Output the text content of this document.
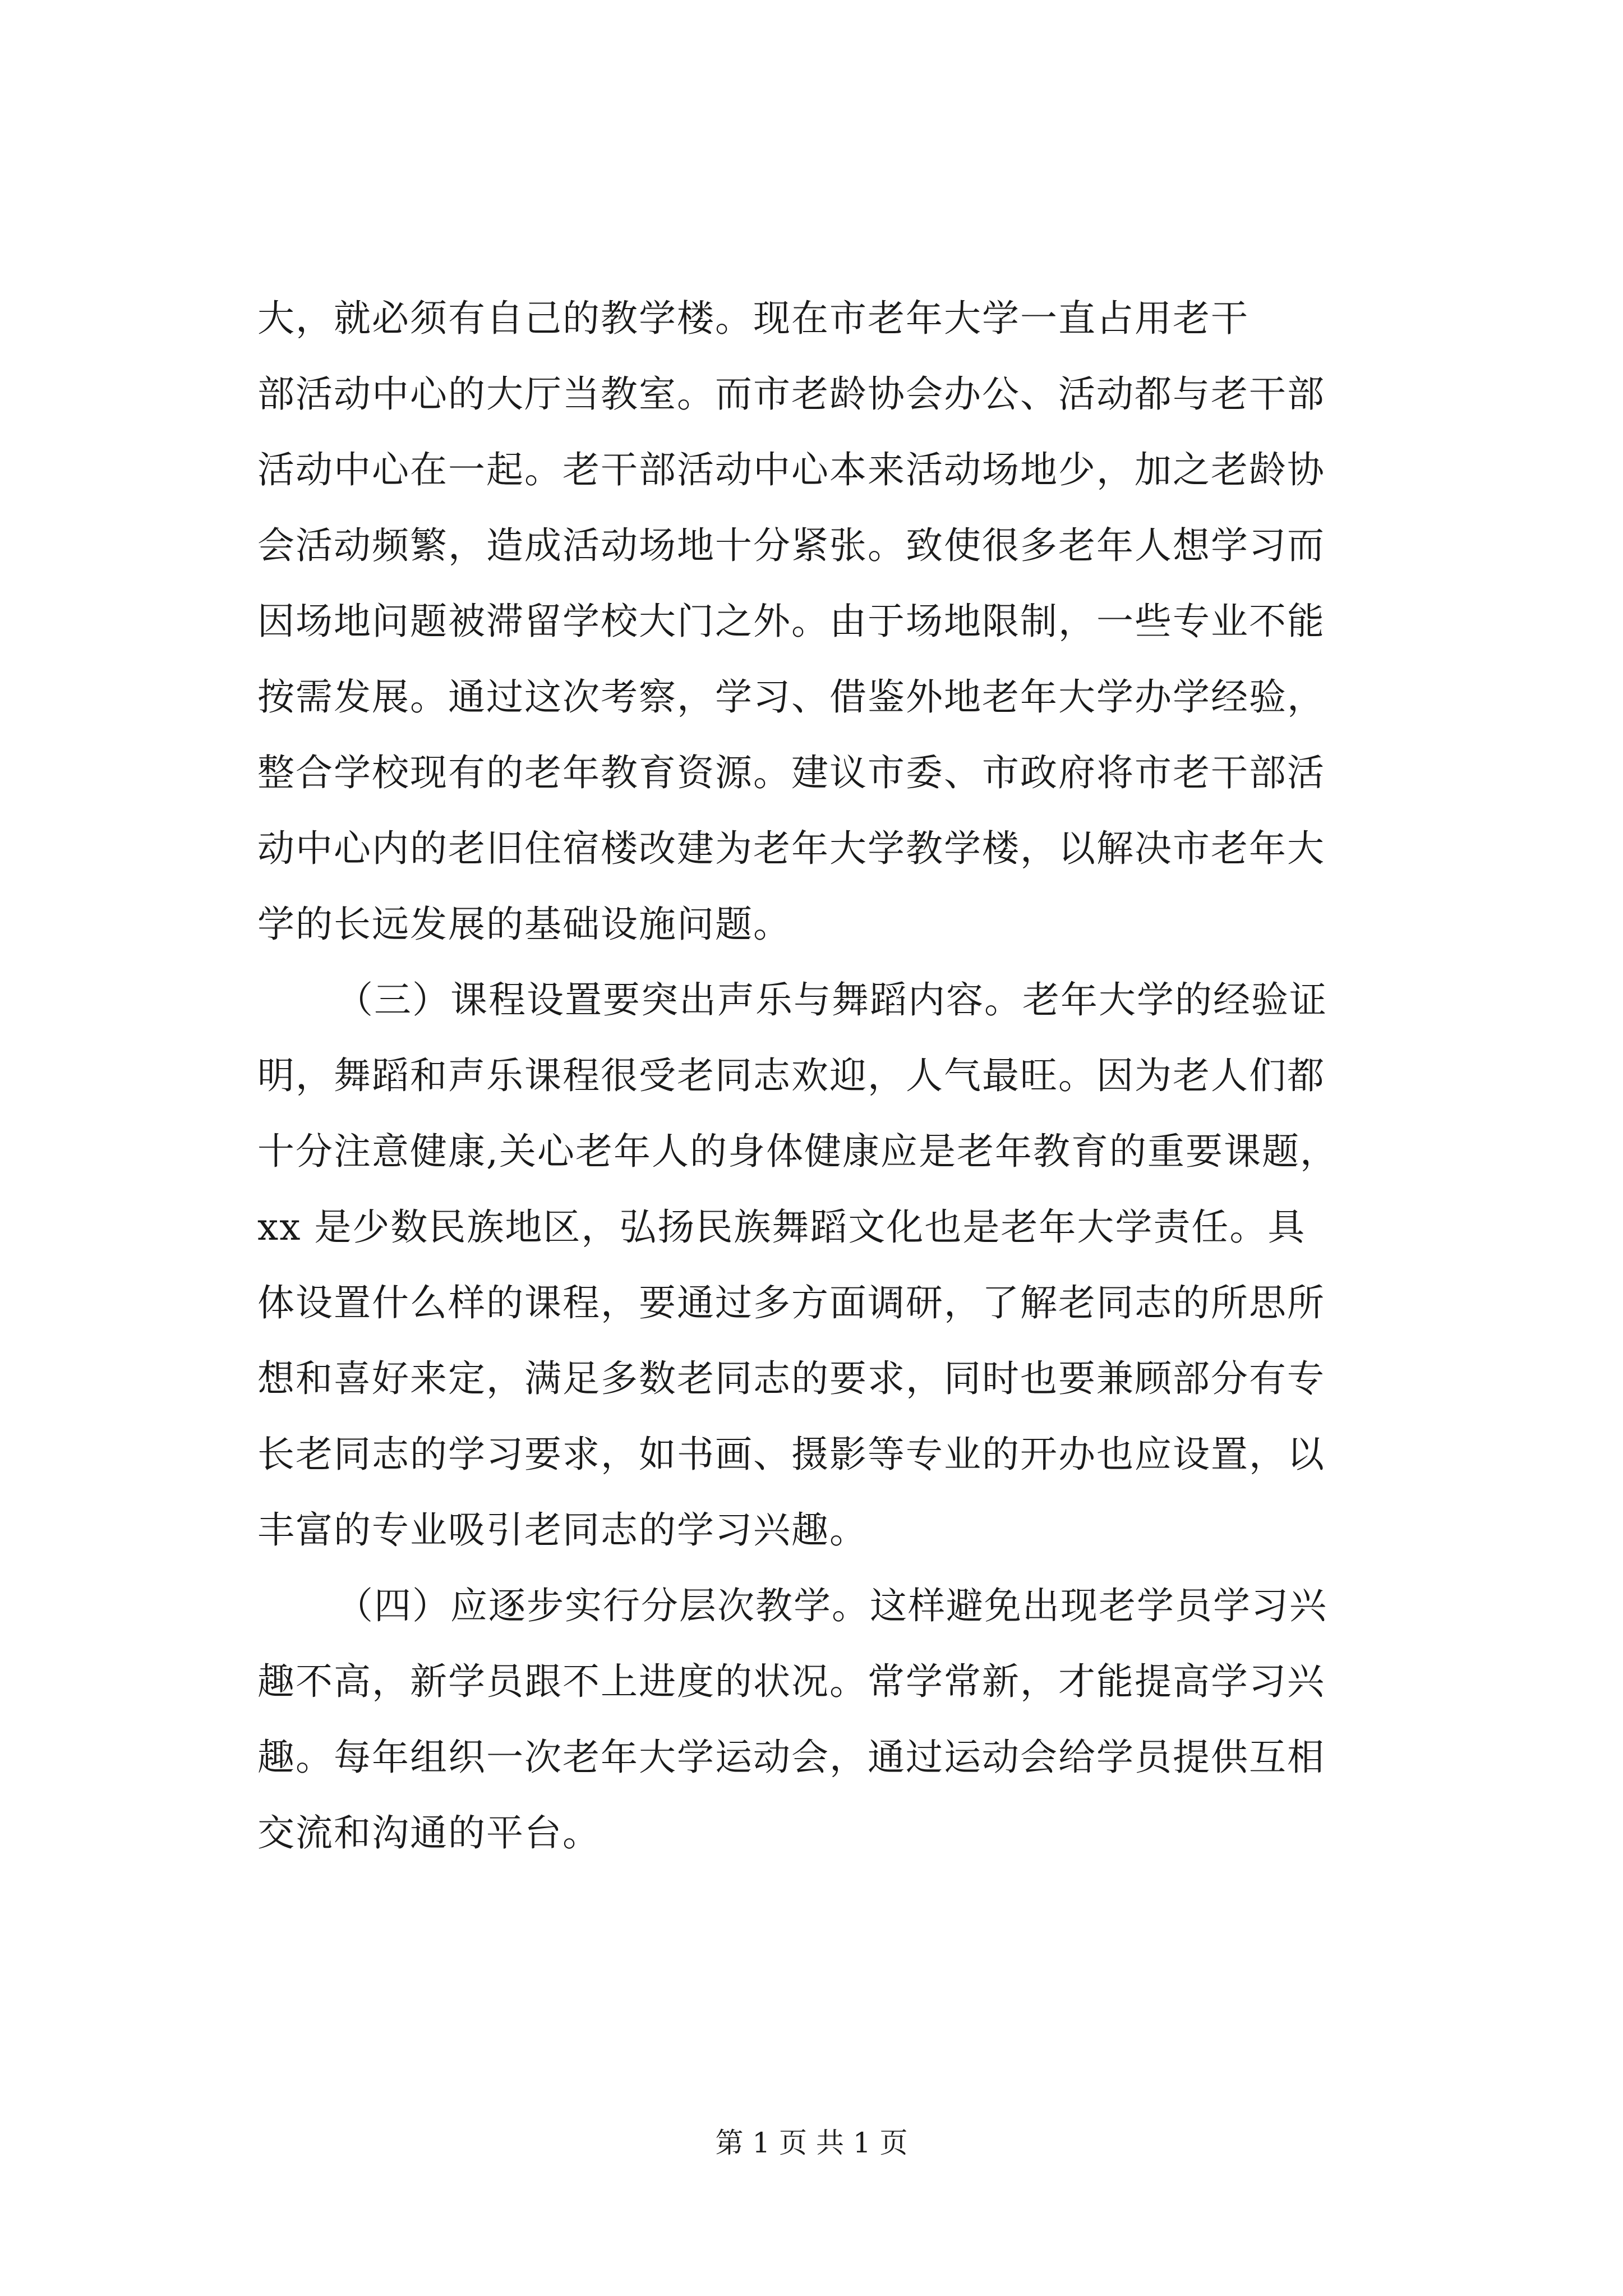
大，就必须有自己的教学楼。现在市老年大学一直占用老干
部活动中心的大厅当教室。而市老龄协会办公、活动都与老干部
活动中心在一起。老干部活动中心本来活动场地少，加之老龄协
会活动频繁，造成活动场地十分紧张。致使很多老年人想学习而
因场地问题被滞留学校大门之外。由于场地限制，一些专业不能
按需发展。通过这次考察，学习、借鉴外地老年大学办学经验，
整合学校现有的老年教育资源。建议市委、市政府将市老干部活
动中心内的老旧住宿楼改建为老年大学教学楼，以解决市老年大
学的长远发展的基础设施问题。
（三）课程设置要突出声乐与舞蹈内容。老年大学的经验证
明，舞蹈和声乐课程很受老同志欢迎，人气最旺。因为老人们都
十分注意健康,关心老年人的身体健康应是老年教育的重要课题，
xx 是少数民族地区，弘扬民族舞蹈文化也是老年大学责任。具
体设置什么样的课程，要通过多方面调研，了解老同志的所思所
想和喜好来定，满足多数老同志的要求，同时也要兼顾部分有专
长老同志的学习要求，如书画、摄影等专业的开办也应设置，以
丰富的专业吸引老同志的学习兴趣。
（四）应逐步实行分层次教学。这样避免出现老学员学习兴
趣不高，新学员跟不上进度的状况。常学常新，才能提高学习兴
趣。每年组织一次老年大学运动会，通过运动会给学员提供互相
交流和沟通的平台。
第 1 页 共 1 页
